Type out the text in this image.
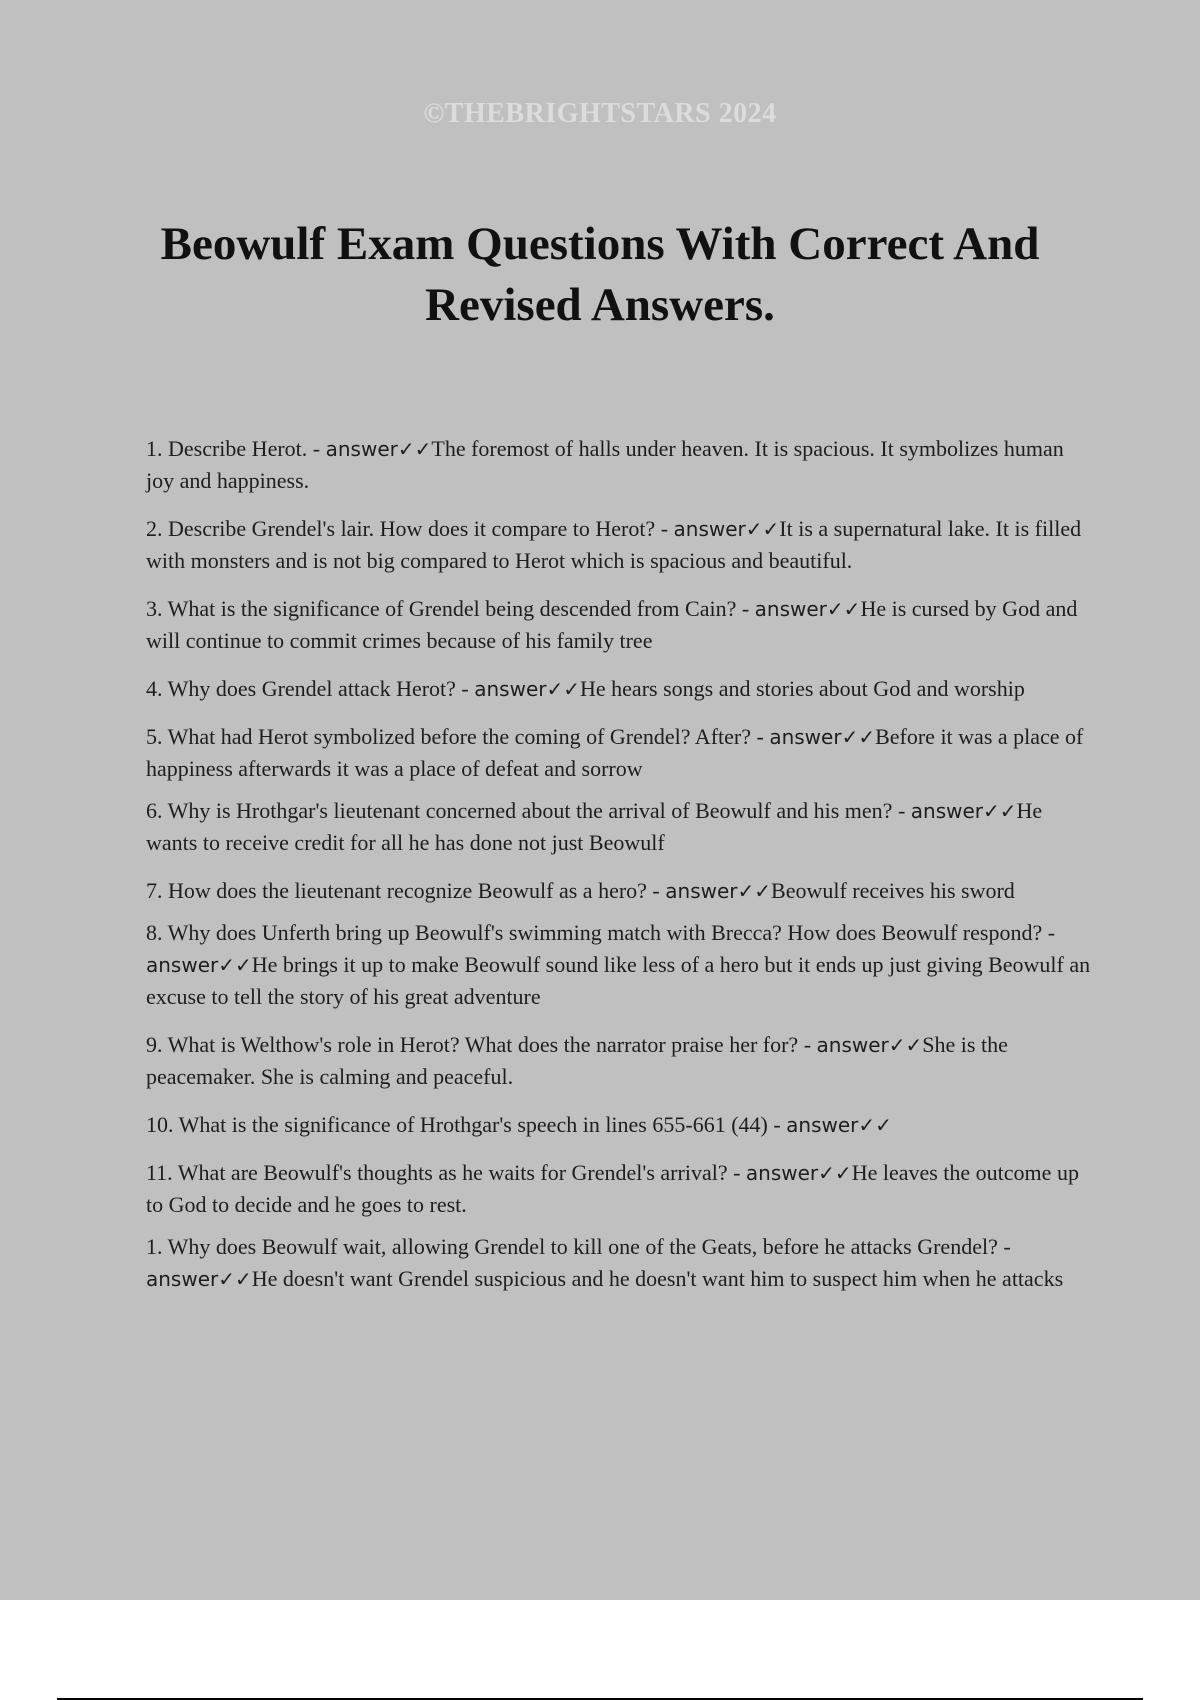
©THEBRIGHTSTARS 2024
Beowulf Exam Questions With Correct And Revised Answers.
1. Describe Herot. - answer✓✓The foremost of halls under heaven. It is spacious. It symbolizes human joy and happiness.
2. Describe Grendel's lair. How does it compare to Herot? - answer✓✓It is a supernatural lake. It is filled with monsters and is not big compared to Herot which is spacious and beautiful.
3. What is the significance of Grendel being descended from Cain? - answer✓✓He is cursed by God and will continue to commit crimes because of his family tree
4. Why does Grendel attack Herot? - answer✓✓He hears songs and stories about God and worship
5. What had Herot symbolized before the coming of Grendel? After? - answer✓✓Before it was a place of happiness afterwards it was a place of defeat and sorrow
6. Why is Hrothgar's lieutenant concerned about the arrival of Beowulf and his men? - answer✓✓He wants to receive credit for all he has done not just Beowulf
7. How does the lieutenant recognize Beowulf as a hero? - answer✓✓Beowulf receives his sword
8. Why does Unferth bring up Beowulf's swimming match with Brecca? How does Beowulf respond? - answer✓✓He brings it up to make Beowulf sound like less of a hero but it ends up just giving Beowulf an excuse to tell the story of his great adventure
9. What is Welthow's role in Herot? What does the narrator praise her for? - answer✓✓She is the peacemaker. She is calming and peaceful.
10. What is the significance of Hrothgar's speech in lines 655-661 (44) - answer✓✓
11. What are Beowulf's thoughts as he waits for Grendel's arrival? - answer✓✓He leaves the outcome up to God to decide and he goes to rest.
1. Why does Beowulf wait, allowing Grendel to kill one of the Geats, before he attacks Grendel? - answer✓✓He doesn't want Grendel suspicious and he doesn't want him to suspect him when he attacks
